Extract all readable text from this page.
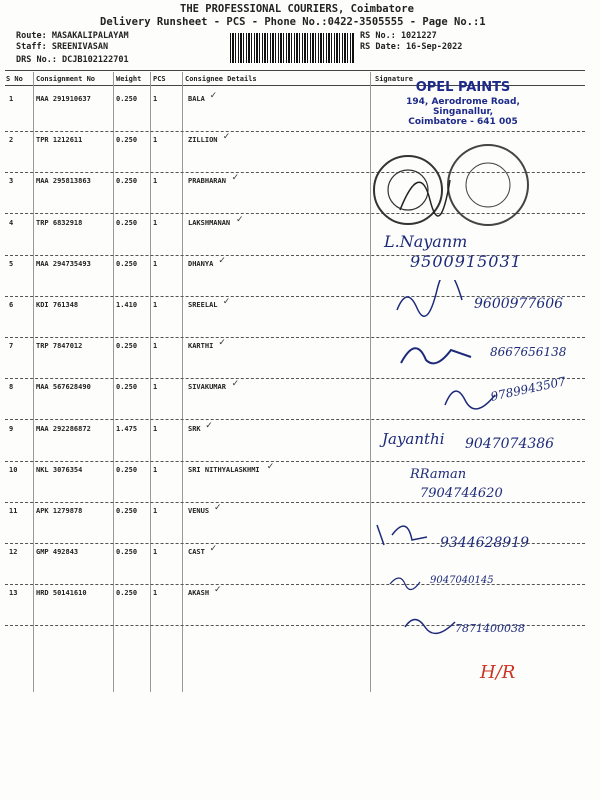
THE PROFESSIONAL COURIERS, Coimbatore
Delivery Runsheet - PCS - Phone No.:0422-3505555 - Page No.:1
Route: MASAKALIPALAYAM
Staff: SREENIVASAN
DRS No.: DCJB102122701
RS No.: 1021227
RS Date: 16-Sep-2022
S No Consignment No	Weight PCS	Consignee Details	Signature
1	MAA 291910637	0.250 1	BALA ✓
2	TPR 1212611	0.250 1	ZILLION ✓
3	MAA 295813863	0.250 1	PRABHARAN ✓
4	TRP 6832918	0.250 1	LAKSHMANAN ✓
5	MAA 294735493	0.250 1	DHANYA ✓
6	KDI 761348	1.410 1	SREELAL ✓
7	TRP 7847012	0.250 1	KARTHI ✓
8	MAA 567628490	0.250 1	SIVAKUMAR ✓
9	MAA 292286872	1.475 1	SRK ✓
10	NKL 3076354	0.250 1	SRI NITHYALASKHMI ✓
11	APK 1279878	0.250 1	VENUS ✓
12	GMP 492843	0.250 1	CAST ✓
13	HRD 50141610	0.250 1	AKASH ✓
OPEL PAINTS
194, Aerodrome Road,
Singanallur,
Coimbatore - 641 005
L.Nayanm
9500915031
9600977606
8667656138
9789943507
Jayanthi 9047074386
RRaman
7904744620
9344628919
9047040145
7871400038
H/R
